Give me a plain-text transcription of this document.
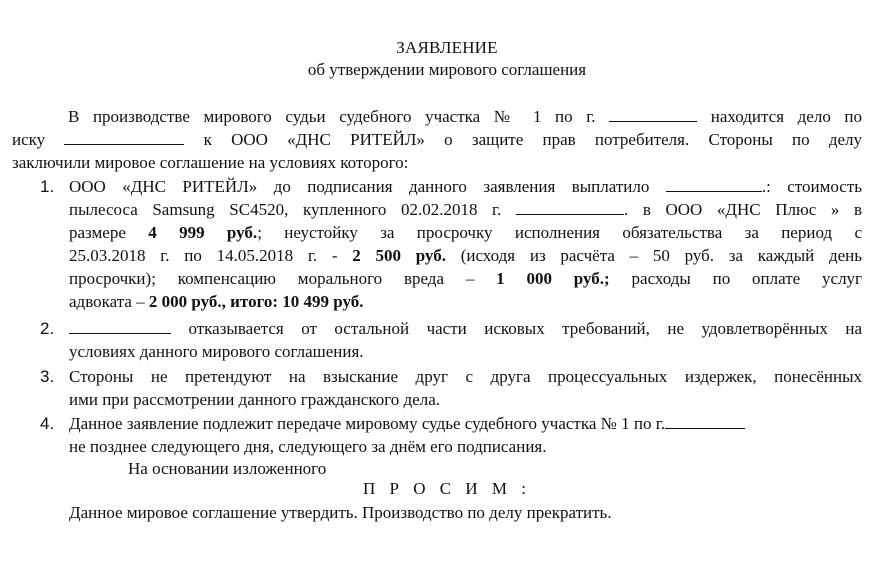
ЗАЯВЛЕНИЕ
об утверждении мирового соглашения
В производстве мирового судьи судебного участка № 1 по г.	находится дело по
иску	к ООО «ДНС РИТЕЙЛ» о защите прав потребителя. Стороны по делу
заключили мировое соглашение на условиях которого:
1. ООО «ДНС РИТЕЙЛ» до подписания данного заявления выплатило	.: стоимость
пылесоса Samsung SC4520, купленного 02.02.2018 г.	. в ООО «ДНС Плюс » в
размере 4 999 руб.; неустойку за просрочку исполнения обязательства за период с
25.03.2018 г. по 14.05.2018 г. - 2 500 руб. (исходя из расчёта – 50 руб. за каждый день
просрочки); компенсацию морального вреда – 1 000 руб.; расходы по оплате услуг
адвоката – 2 000 руб., итого: 10 499 руб.
2.	отказывается от остальной части исковых требований, не удовлетворённых на
условиях данного мирового соглашения.
3. Стороны не претендуют на взыскание друг с друга процессуальных издержек, понесённых
ими при рассмотрении данного гражданского дела.
4. Данное заявление подлежит передаче мировому судье судебного участка № 1 по г.
не позднее следующего дня, следующего за днём его подписания.
На основании изложенного
П Р О С И М :
Данное мировое соглашение утвердить. Производство по делу прекратить.
